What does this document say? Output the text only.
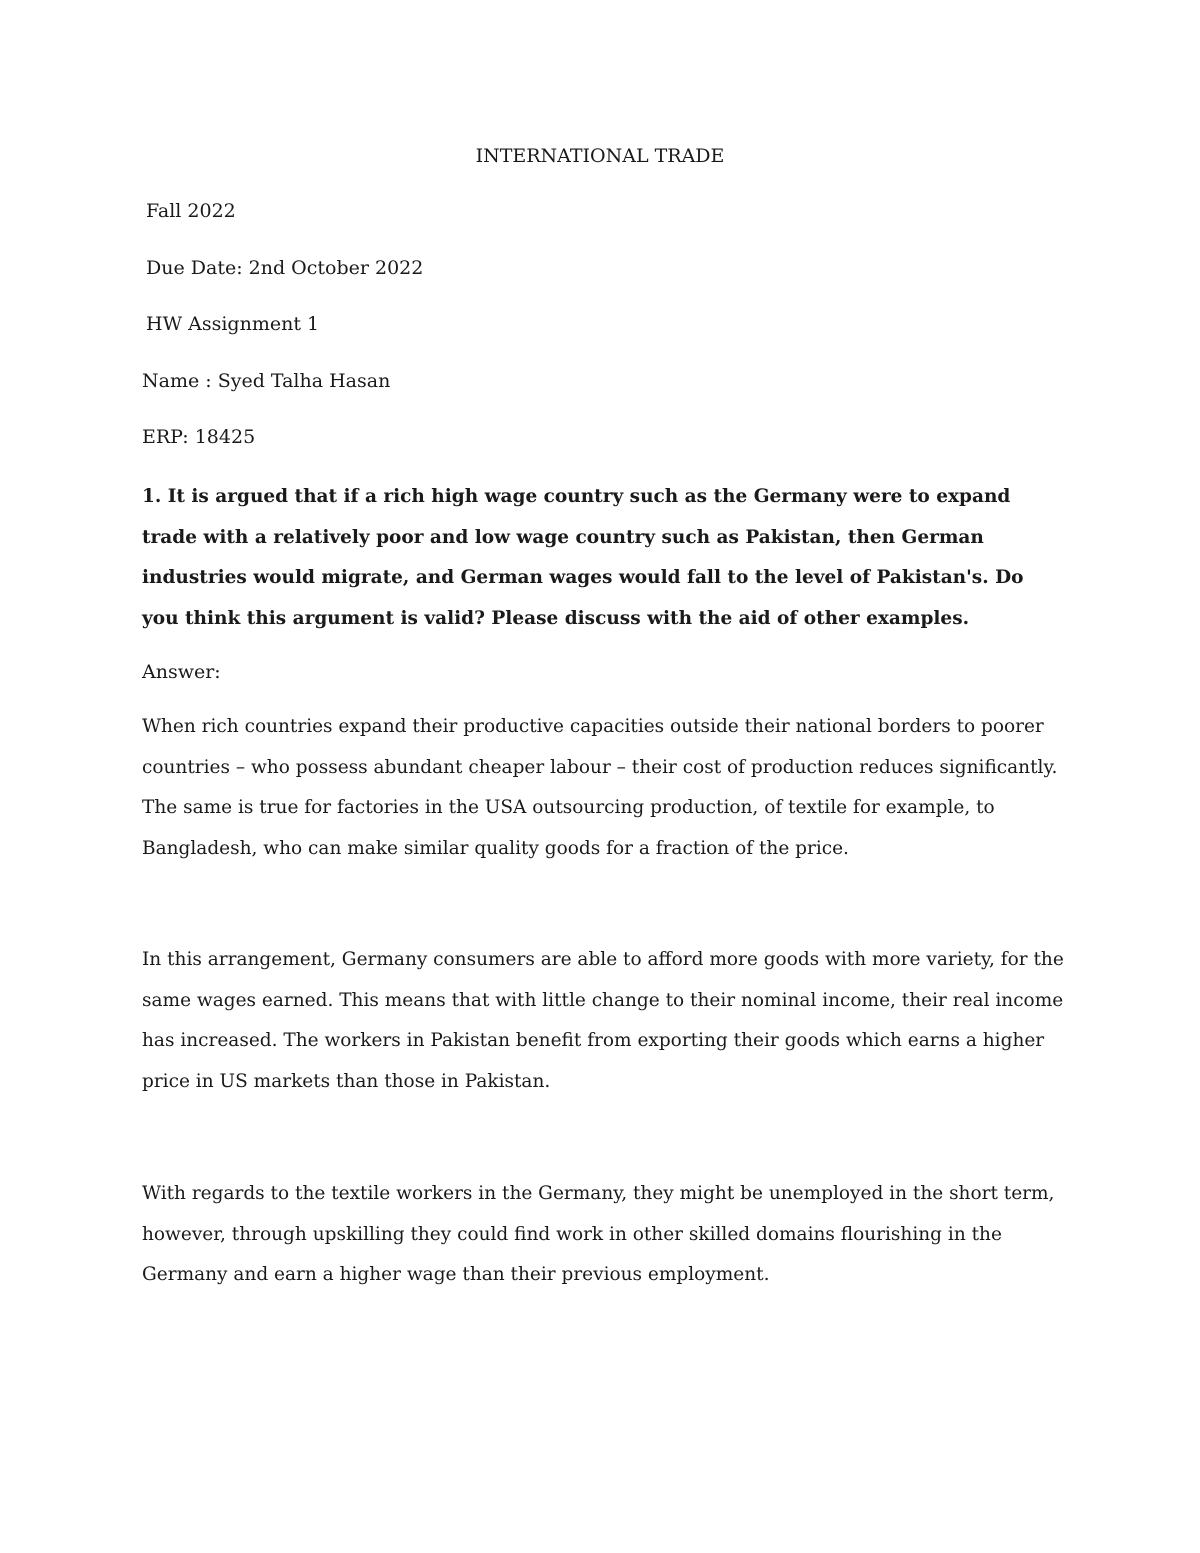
INTERNATIONAL TRADE
Fall 2022
Due Date: 2nd October 2022
HW Assignment 1
Name : Syed Talha Hasan
ERP: 18425
1. It is argued that if a rich high wage country such as the Germany were to expand trade with a relatively poor and low wage country such as Pakistan, then German industries would migrate, and German wages would fall to the level of Pakistan's. Do you think this argument is valid? Please discuss with the aid of other examples.
Answer:
When rich countries expand their productive capacities outside their national borders to poorer countries – who possess abundant cheaper labour – their cost of production reduces significantly. The same is true for factories in the USA outsourcing production, of textile for example, to Bangladesh, who can make similar quality goods for a fraction of the price.
In this arrangement, Germany consumers are able to afford more goods with more variety, for the same wages earned. This means that with little change to their nominal income, their real income has increased. The workers in Pakistan benefit from exporting their goods which earns a higher price in US markets than those in Pakistan.
With regards to the textile workers in the Germany, they might be unemployed in the short term, however, through upskilling they could find work in other skilled domains flourishing in the Germany and earn a higher wage than their previous employment.
